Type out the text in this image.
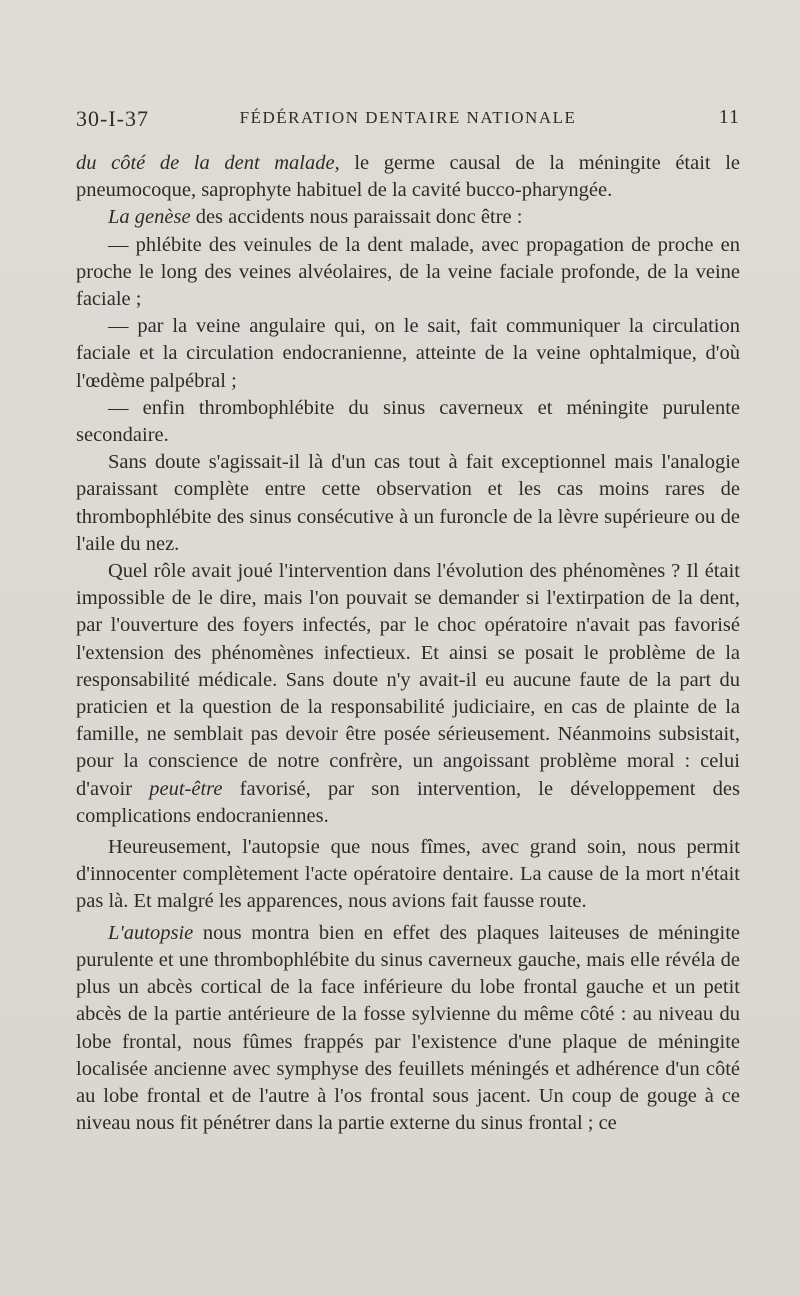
30-I-37	FÉDÉRATION DENTAIRE NATIONALE	11

du côté de la dent malade, le germe causal de la méningite était le pneumocoque, saprophyte habituel de la cavité bucco-pharyngée.

La genèse des accidents nous paraissait donc être :

— phlébite des veinules de la dent malade, avec propagation de proche en proche le long des veines alvéolaires, de la veine faciale profonde, de la veine faciale ;

— par la veine angulaire qui, on le sait, fait communiquer la circulation faciale et la circulation endocranienne, atteinte de la veine ophtalmique, d'où l'œdème palpébral ;

— enfin thrombophlébite du sinus caverneux et méningite purulente secondaire.

Sans doute s'agissait-il là d'un cas tout à fait exceptionnel mais l'analogie paraissant complète entre cette observation et les cas moins rares de thrombophlébite des sinus consécutive à un furoncle de la lèvre supérieure ou de l'aile du nez.

Quel rôle avait joué l'intervention dans l'évolution des phénomènes ? Il était impossible de le dire, mais l'on pouvait se demander si l'extirpation de la dent, par l'ouverture des foyers infectés, par le choc opératoire n'avait pas favorisé l'extension des phénomènes infectieux. Et ainsi se posait le problème de la responsabilité médicale. Sans doute n'y avait-il eu aucune faute de la part du praticien et la question de la responsabilité judiciaire, en cas de plainte de la famille, ne semblait pas devoir être posée sérieusement. Néanmoins subsistait, pour la conscience de notre confrère, un angoissant problème moral : celui d'avoir peut-être favorisé, par son intervention, le développement des complications endocraniennes.

Heureusement, l'autopsie que nous fîmes, avec grand soin, nous permit d'innocenter complètement l'acte opératoire dentaire. La cause de la mort n'était pas là. Et malgré les apparences, nous avions fait fausse route.

L'autopsie nous montra bien en effet des plaques laiteuses de méningite purulente et une thrombophlébite du sinus caverneux gauche, mais elle révéla de plus un abcès cortical de la face inférieure du lobe frontal gauche et un petit abcès de la partie antérieure de la fosse sylvienne du même côté : au niveau du lobe frontal, nous fûmes frappés par l'existence d'une plaque de méningite localisée ancienne avec symphyse des feuillets méningés et adhérence d'un côté au lobe frontal et de l'autre à l'os frontal sous jacent. Un coup de gouge à ce niveau nous fit pénétrer dans la partie externe du sinus frontal ; ce
